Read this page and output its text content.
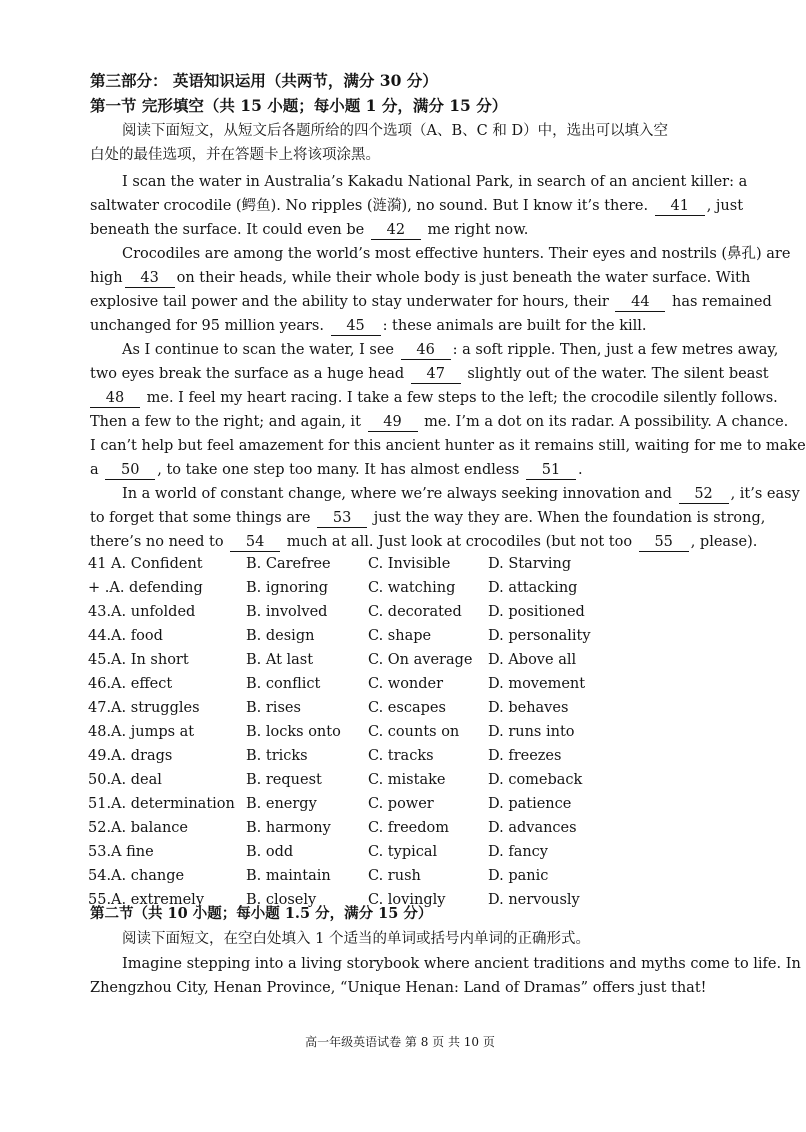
第三部分： 英语知识运用（共两节，满分 30 分）
第一节 完形填空（共 15 小题；每小题 1 分，满分 15 分）
阅读下面短文，从短文后各题所给的四个选项（A、B、C 和 D）中，选出可以填入空
白处的最佳选项，并在答题卡上将该项涂黑。
I scan the water in Australia’s Kakadu National Park, in search of an ancient killer: a
saltwater crocodile (鳄鱼). No ripples (涟漪), no sound. But I know it’s there. 41 , just
beneath the surface. It could even be 42 me right now.
Crocodiles are among the world’s most effective hunters. Their eyes and nostrils (鼻孔) are
high 43 on their heads, while their whole body is just beneath the water surface. With
explosive tail power and the ability to stay underwater for hours, their 44 has remained
unchanged for 95 million years. 45 : these animals are built for the kill.
As I continue to scan the water, I see 46 : a soft ripple. Then, just a few metres away,
two eyes break the surface as a huge head 47 slightly out of the water. The silent beast
48 me. I feel my heart racing. I take a few steps to the left; the crocodile silently follows.
Then a few to the right; and again, it 49 me. I’m a dot on its radar. A possibility. A chance.
I can’t help but feel amazement for this ancient hunter as it remains still, waiting for me to make
a 50 , to take one step too many. It has almost endless 51 .
In a world of constant change, where we’re always seeking innovation and 52 , it’s easy
to forget that some things are 53 just the way they are. When the foundation is strong,
there’s no need to 54 much at all. Just look at crocodiles (but not too 55 , please).
41 A. Confident	B. Carefree	C. Invisible	D. Starving
+ .A. defending	B. ignoring	C. watching D. attacking
43.A. unfolded	B. involved	C. decorated D. positioned
44.A. food	B. design	C. shape	D. personality
45.A. In short	B. At last	C. On average D. Above all
46.A. effect	B. conflict	C. wonder	D. movement
47.A. struggles	B. rises	C. escapes	D. behaves
48.A. jumps at	B. locks onto C. counts on D. runs into
49.A. drags	B. tricks	C. tracks	D. freezes
50.A. deal	B. request	C. mistake	D. comeback
51.A. determination B. energy	C. power	D. patience
52.A. balance	B. harmony	C. freedom	D. advances
53.A fine	B. odd	C. typical	D. fancy
54.A. change	B. maintain	C. rush	D. panic
55.A. extremely	B. closely	C. lovingly	D. nervously
第二节（共 10 小题；每小题 1.5 分，满分 15 分）
阅读下面短文，在空白处填入 1 个适当的单词或括号内单词的正确形式。
Imagine stepping into a living storybook where ancient traditions and myths come to life. In
Zhengzhou City, Henan Province, “Unique Henan: Land of Dramas” offers just that!
高一年级英语试卷 第 8 页 共 10 页
